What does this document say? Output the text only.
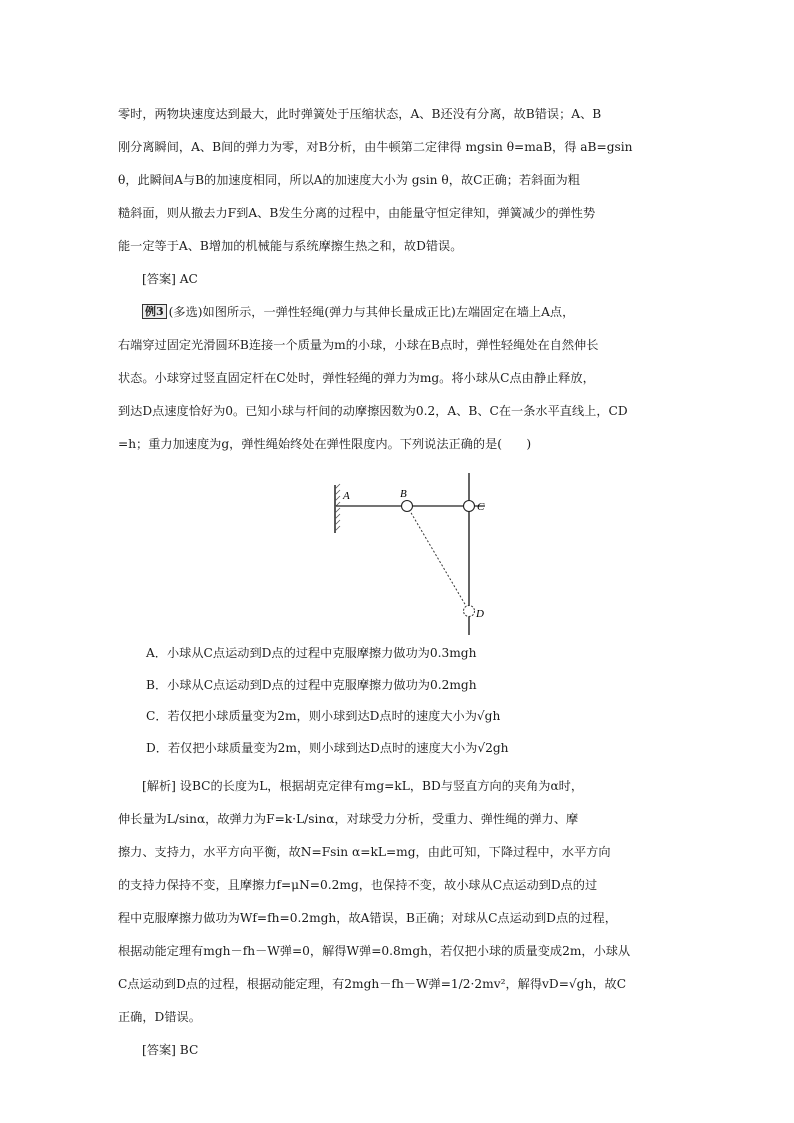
零时，两物块速度达到最大，此时弹簧处于压缩状态，A、B还没有分离，故B错误；A、B
刚分离瞬间，A、B间的弹力为零，对B分析，由牛顿第二定律得 mgsin θ=maB，得 aB=gsin
θ，此瞬间A与B的加速度相同，所以A的加速度大小为 gsin θ，故C正确；若斜面为粗
糙斜面，则从撤去力F到A、B发生分离的过程中，由能量守恒定律知，弹簧减少的弹性势
能一定等于A、B增加的机械能与系统摩擦生热之和，故D错误。
[答案] AC
例3 (多选)如图所示，一弹性轻绳(弹力与其伸长量成正比)左端固定在墙上A点，
右端穿过固定光滑圆环B连接一个质量为m的小球，小球在B点时，弹性轻绳处在自然伸长
状态。小球穿过竖直固定杆在C处时，弹性轻绳的弹力为mg。将小球从C点由静止释放，
到达D点速度恰好为0。已知小球与杆间的动摩擦因数为0.2，A、B、C在一条水平直线上，CD
=h；重力加速度为g，弹性绳始终处在弹性限度内。下列说法正确的是(　　)
A	B
C
D
A．小球从C点运动到D点的过程中克服摩擦力做功为0.3mgh
B．小球从C点运动到D点的过程中克服摩擦力做功为0.2mgh
C．若仅把小球质量变为2m，则小球到达D点时的速度大小为√gh
D．若仅把小球质量变为2m，则小球到达D点时的速度大小为√2gh
[解析] 设BC的长度为L，根据胡克定律有mg=kL，BD与竖直方向的夹角为α时，
伸长量为L/sinα，故弹力为F=k·L/sinα，对球受力分析，受重力、弹性绳的弹力、摩
擦力、支持力，水平方向平衡，故N=Fsin α=kL=mg，由此可知，下降过程中，水平方向
的支持力保持不变，且摩擦力f=μN=0.2mg，也保持不变，故小球从C点运动到D点的过
程中克服摩擦力做功为Wf=fh=0.2mgh，故A错误，B正确；对球从C点运动到D点的过程，
根据动能定理有mgh－fh－W弹=0，解得W弹=0.8mgh，若仅把小球的质量变成2m，小球从
C点运动到D点的过程，根据动能定理，有2mgh－fh－W弹=1/2·2mv²，解得vD=√gh，故C
正确，D错误。
[答案] BC
